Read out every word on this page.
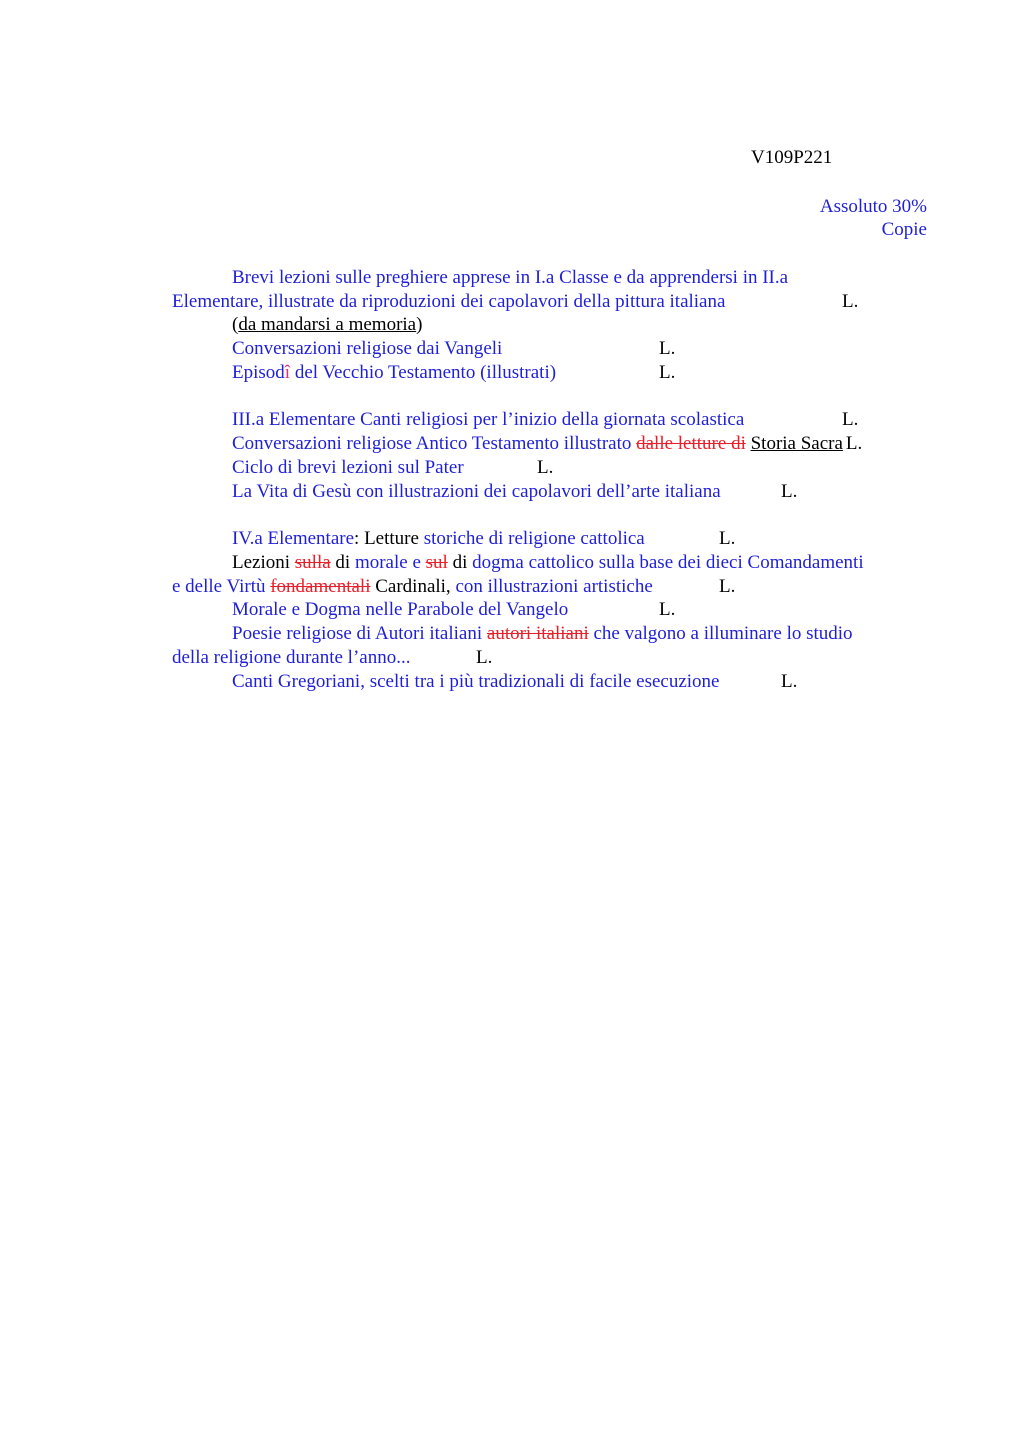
V109P221
Assoluto 30%
Copie
Brevi lezioni sulle preghiere apprese in I.a Classe e da apprendersi in II.a
Elementare, illustrate da riproduzioni dei capolavori della pittura italiana	L.
(da mandarsi a memoria)
Conversazioni religiose dai Vangeli	L.
Episodî del Vecchio Testamento (illustrati)	L.
III.a Elementare Canti religiosi per l’inizio della giornata scolastica	L.
Conversazioni religiose Antico Testamento illustrato dalle letture di Storia Sacra L.
Ciclo di brevi lezioni sul Pater	L.
La Vita di Gesù con illustrazioni dei capolavori dell’arte italiana	L.
IV.a Elementare: Letture storiche di religione cattolica	L.
Lezioni sulla di morale e sul di dogma cattolico sulla base dei dieci Comandamenti
e delle Virtù fondamentali Cardinali, con illustrazioni artistiche	L.
Morale e Dogma nelle Parabole del Vangelo	L.
Poesie religiose di Autori italiani autori italiani che valgono a illuminare lo studio
della religione durante l’anno...	L.
Canti Gregoriani, scelti tra i più tradizionali di facile esecuzione	L.
